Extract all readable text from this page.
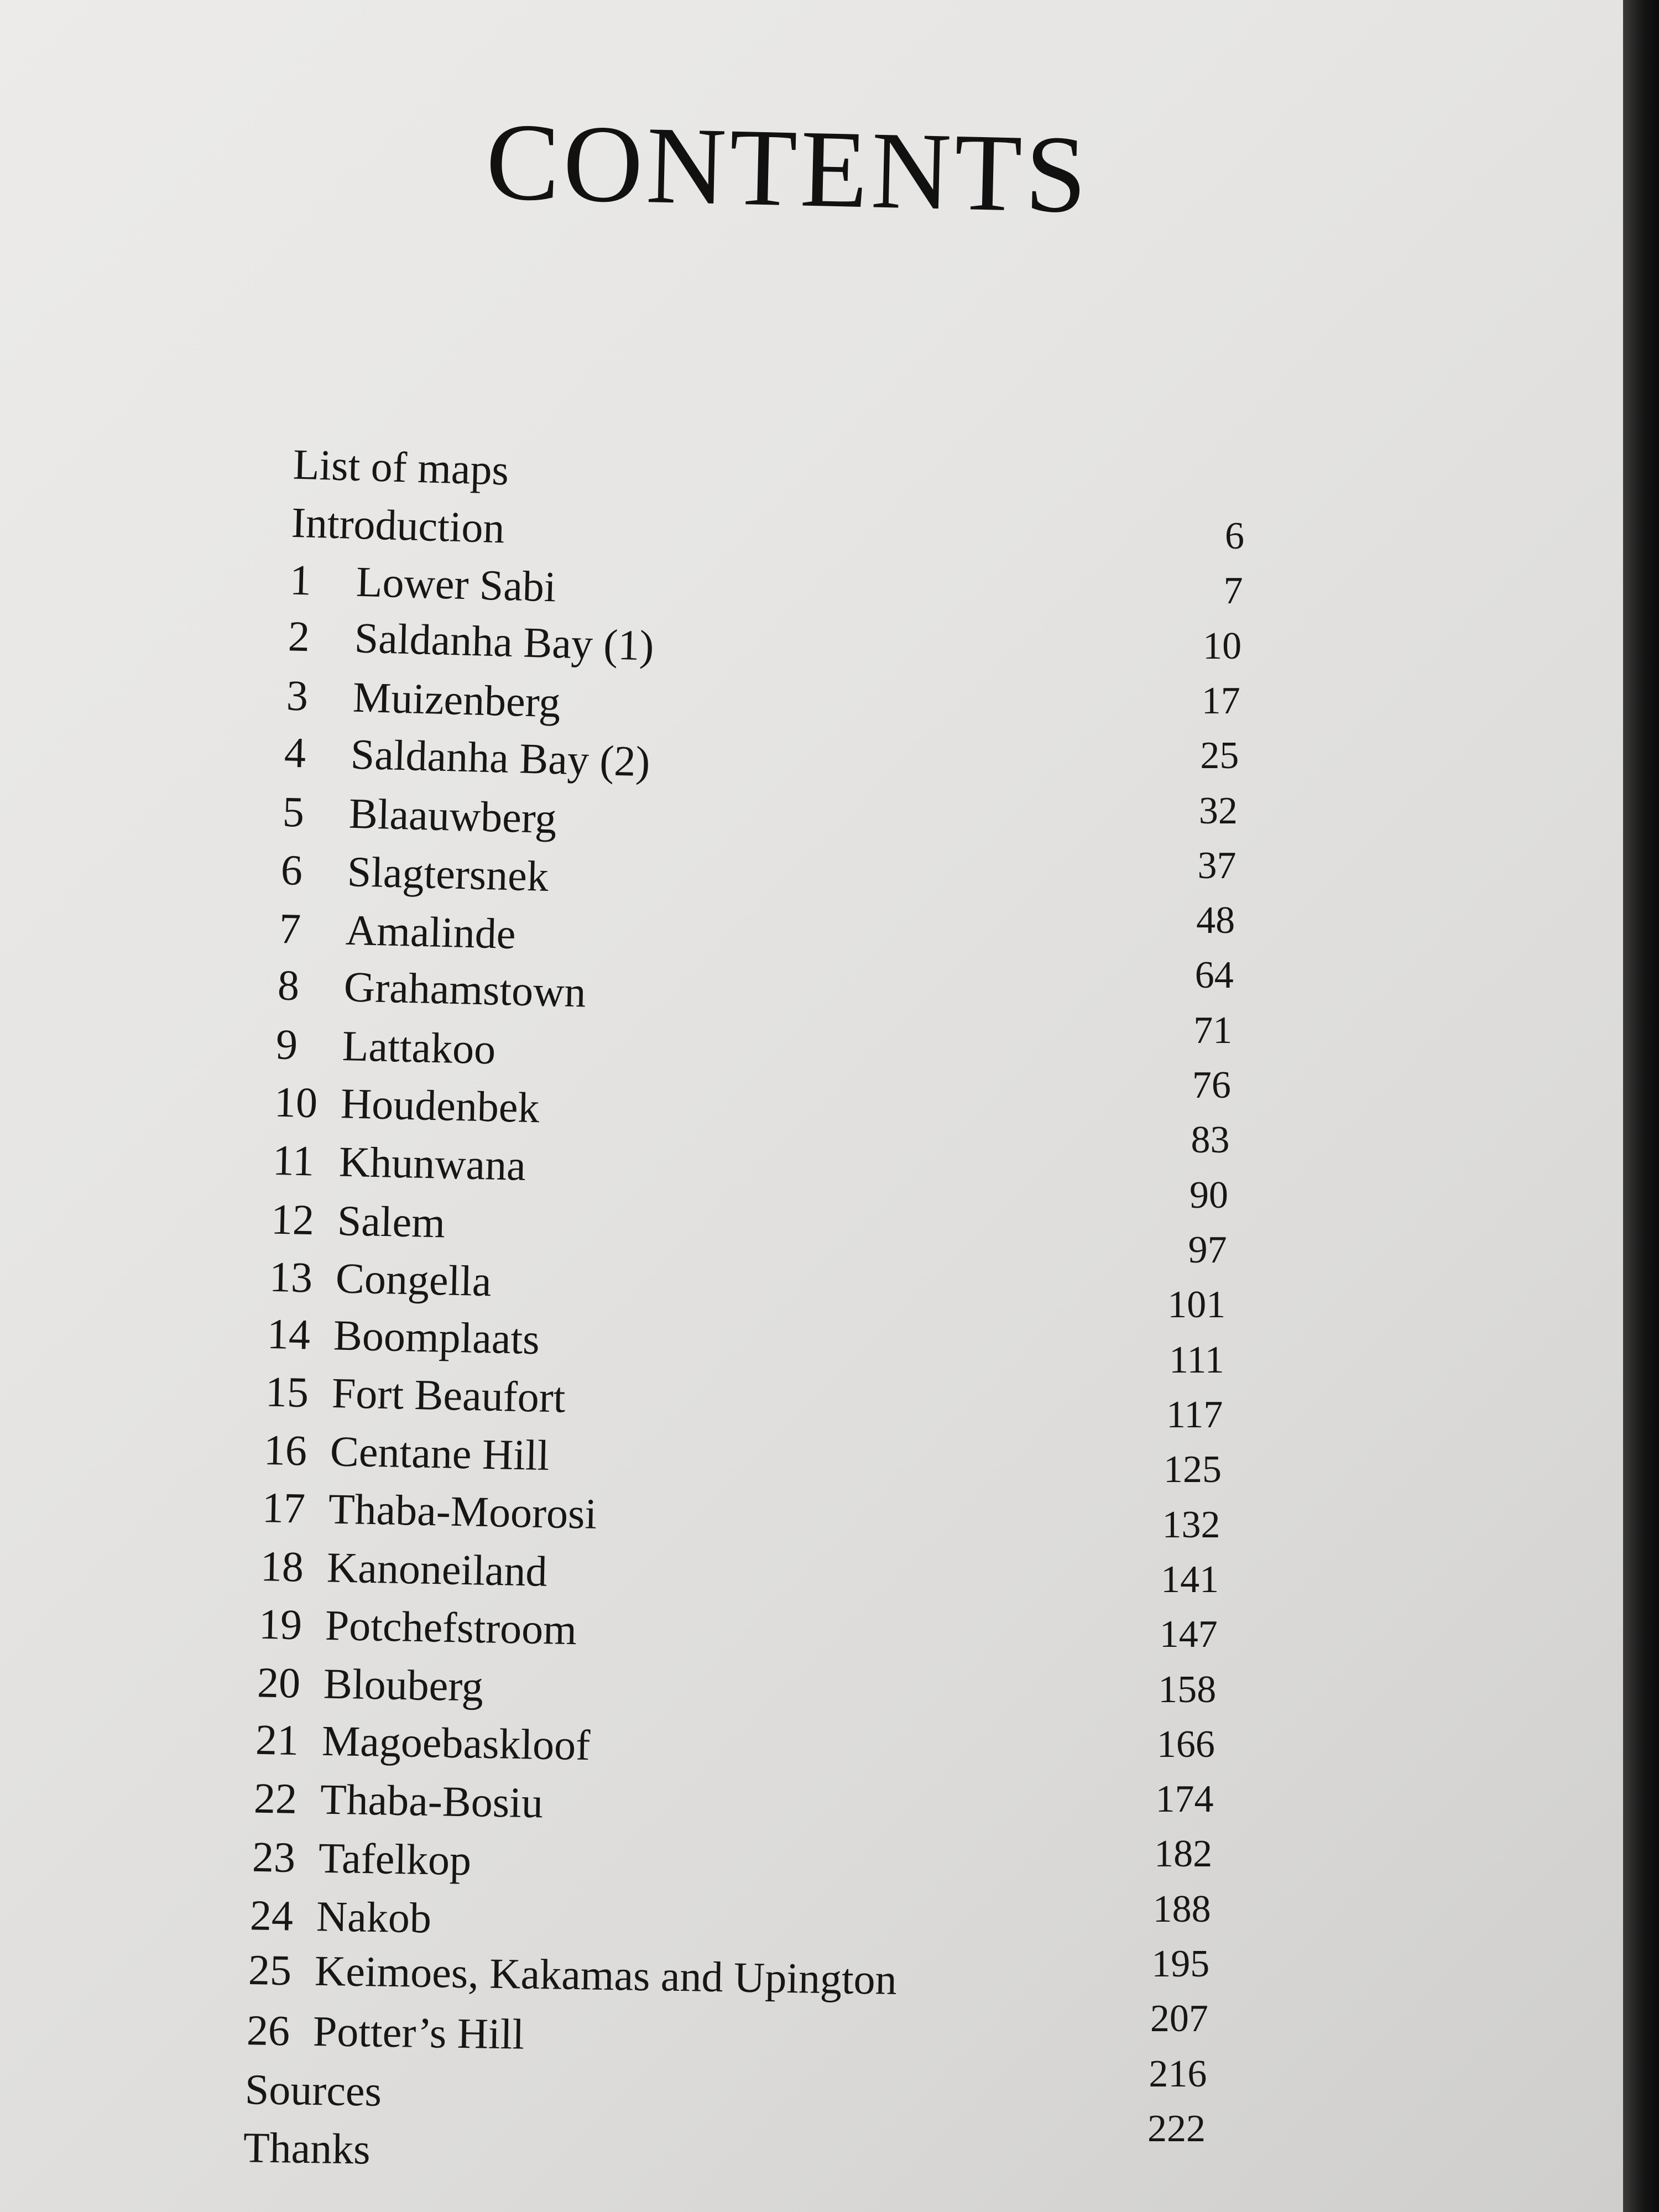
CONTENTS
List of maps
Introduction
1 Lower Sabi
2 Saldanha Bay (1)
3 Muizenberg
4 Saldanha Bay (2)
5 Blaauwberg
6 Slagtersnek
7 Amalinde
8 Grahamstown
9 Lattakoo
10 Houdenbek
11 Khunwana
12 Salem
13 Congella
14 Boomplaats
15 Fort Beaufort
16 Centane Hill
17 Thaba-Moorosi
18 Kanoneiland
19 Potchefstroom
20 Blouberg
21 Magoebaskloof
22 Thaba-Bosiu
23 Tafelkop
24 Nakob
25 Keimoes, Kakamas and Upington
26 Potter’s Hill
Sources
Thanks
6
7
10
17
25
32
37
48
64
71
76
83
90
97
101
111
117
125
132
141
147
158
166
174
182
188
195
207
216
222
